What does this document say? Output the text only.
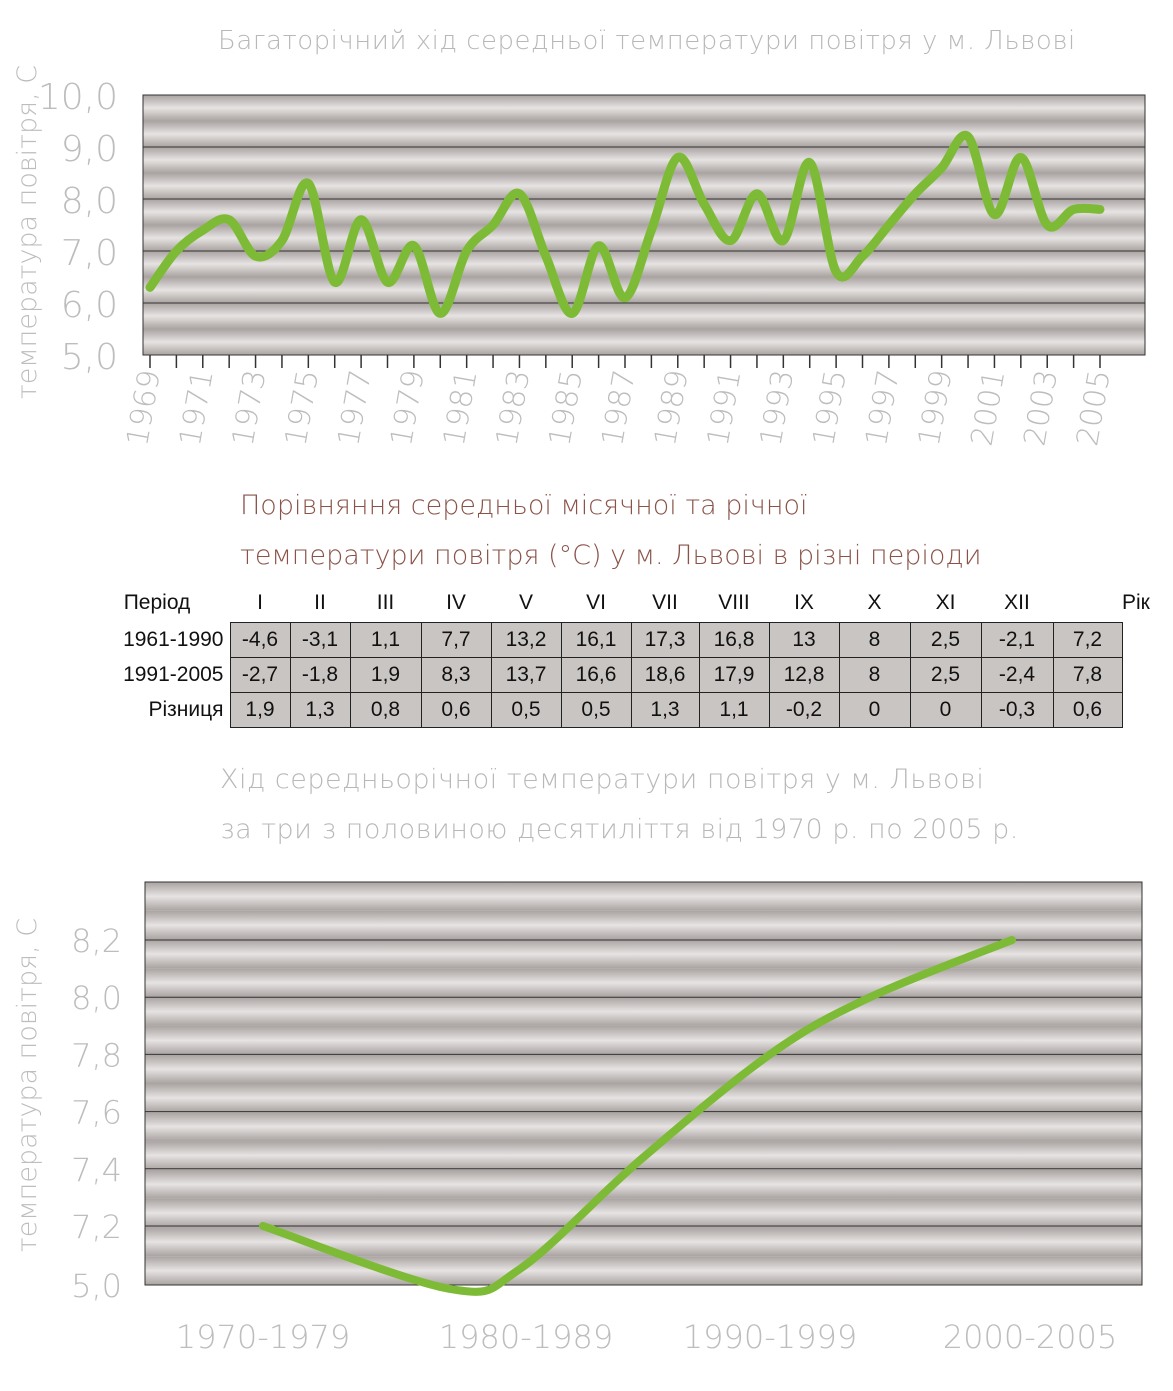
Багаторічний хід середньої температури повітря у м. Львові
10,0
9,0
8,0
7,0
6,0
5,0
1969 1971 1973 1975 1977 1979 1981 1983 1985 1987 1989 1991 1993 1995 1997 1999 2001 2003 2005
температура повітря, С
Порівняння середньої місячної та річної
температури повітря (°С) у м. Львові в різні періоди
Період	I	II	III	IV	V	VI	VII	VIII	IX	X	XI	XII		Рік
1961-1990	-4,6	-3,1	1,1	7,7	13,2	16,1	17,3	16,8	13	8	2,5	-2,1	7,2	
1991-2005	-2,7	-1,8	1,9	8,3	13,7	16,6	18,6	17,9	12,8	8	2,5	-2,4	7,8	
Різниця	1,9	1,3	0,8	0,6	0,5	0,5	1,3	1,1	-0,2	0	0	-0,3	0,6	
Хід середньорічної температури повітря у м. Львові
за три з половиною десятиліття від 1970 р. по 2005 р.
8,2
8,0
7,8
7,6
7,4
7,2
5,0
1970-1979	1980-1989 1990-1999	2000-2005
температура повітря, С
